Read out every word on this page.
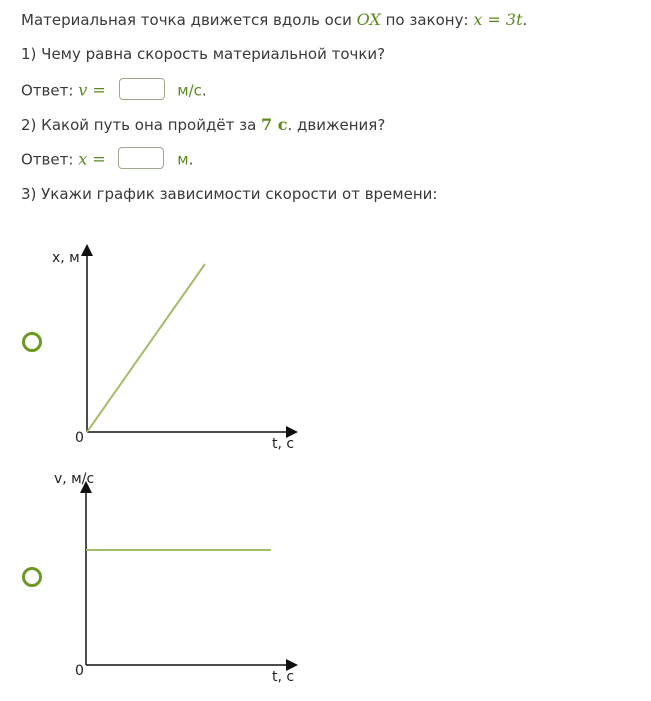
Материальная точка движется вдоль оси OX по закону: x = 3t.
1) Чему равна скорость материальной точки?
Ответ: v =	м/с.
2) Какой путь она пройдёт за 7 с. движения?
Ответ: x =	м.
3) Укажи график зависимости скорости от времени:
x, м
t, с
0
v, м/с
t, с
0
